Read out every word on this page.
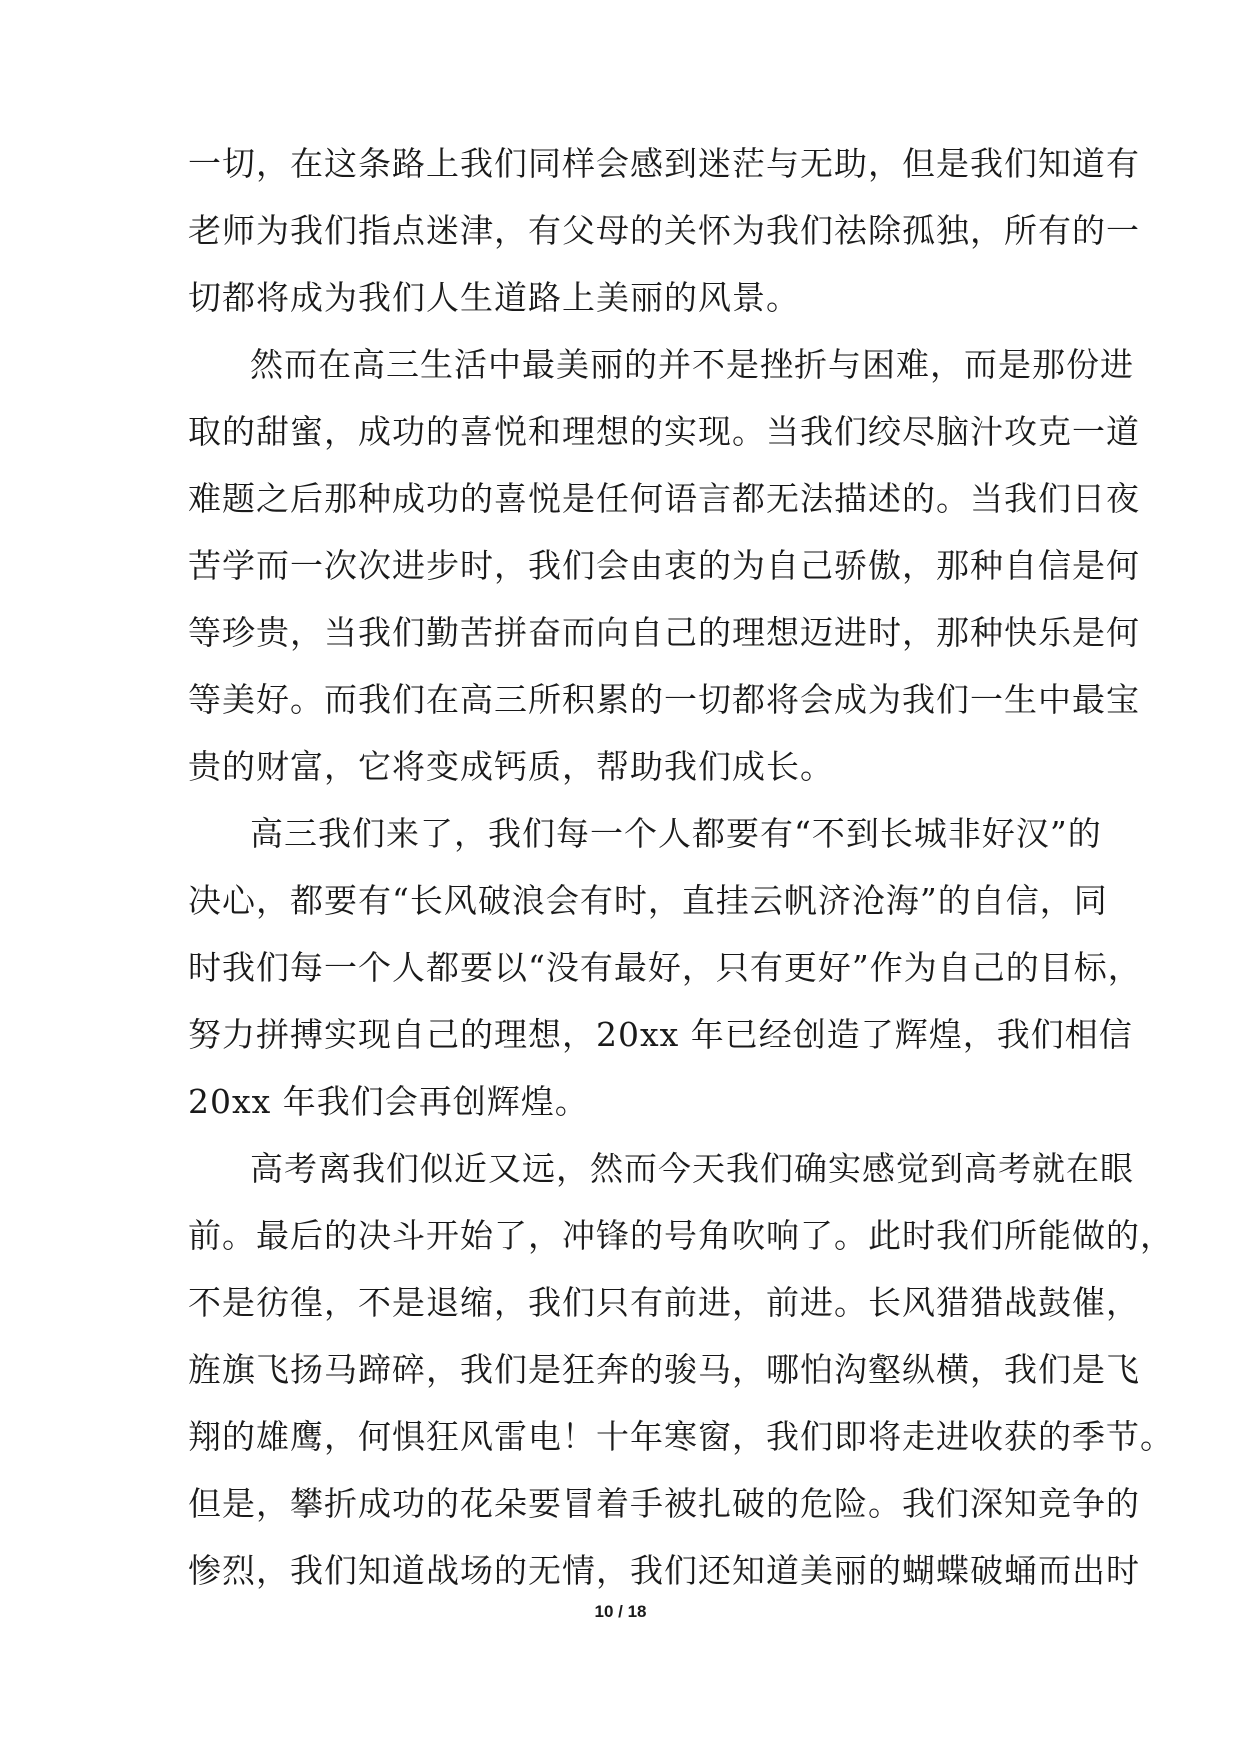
一切，在这条路上我们同样会感到迷茫与无助，但是我们知道有
老师为我们指点迷津，有父母的关怀为我们祛除孤独，所有的一
切都将成为我们人生道路上美丽的风景。
然而在高三生活中最美丽的并不是挫折与困难，而是那份进
取的甜蜜，成功的喜悦和理想的实现。当我们绞尽脑汁攻克一道
难题之后那种成功的喜悦是任何语言都无法描述的。当我们日夜
苦学而一次次进步时，我们会由衷的为自己骄傲，那种自信是何
等珍贵，当我们勤苦拼奋而向自己的理想迈进时，那种快乐是何
等美好。而我们在高三所积累的一切都将会成为我们一生中最宝
贵的财富，它将变成钙质，帮助我们成长。
高三我们来了，我们每一个人都要有“不到长城非好汉”的
决心，都要有“长风破浪会有时，直挂云帆济沧海”的自信，同
时我们每一个人都要以“没有最好，只有更好”作为自己的目标，
努力拼搏实现自己的理想，20xx 年已经创造了辉煌，我们相信
20xx 年我们会再创辉煌。
高考离我们似近又远，然而今天我们确实感觉到高考就在眼
前。最后的决斗开始了，冲锋的号角吹响了。此时我们所能做的，
不是彷徨，不是退缩，我们只有前进，前进。长风猎猎战鼓催，
旌旗飞扬马蹄碎，我们是狂奔的骏马，哪怕沟壑纵横，我们是飞
翔的雄鹰，何惧狂风雷电！十年寒窗，我们即将走进收获的季节。
但是，攀折成功的花朵要冒着手被扎破的危险。我们深知竞争的
惨烈，我们知道战场的无情，我们还知道美丽的蝴蝶破蛹而出时
10 / 18
